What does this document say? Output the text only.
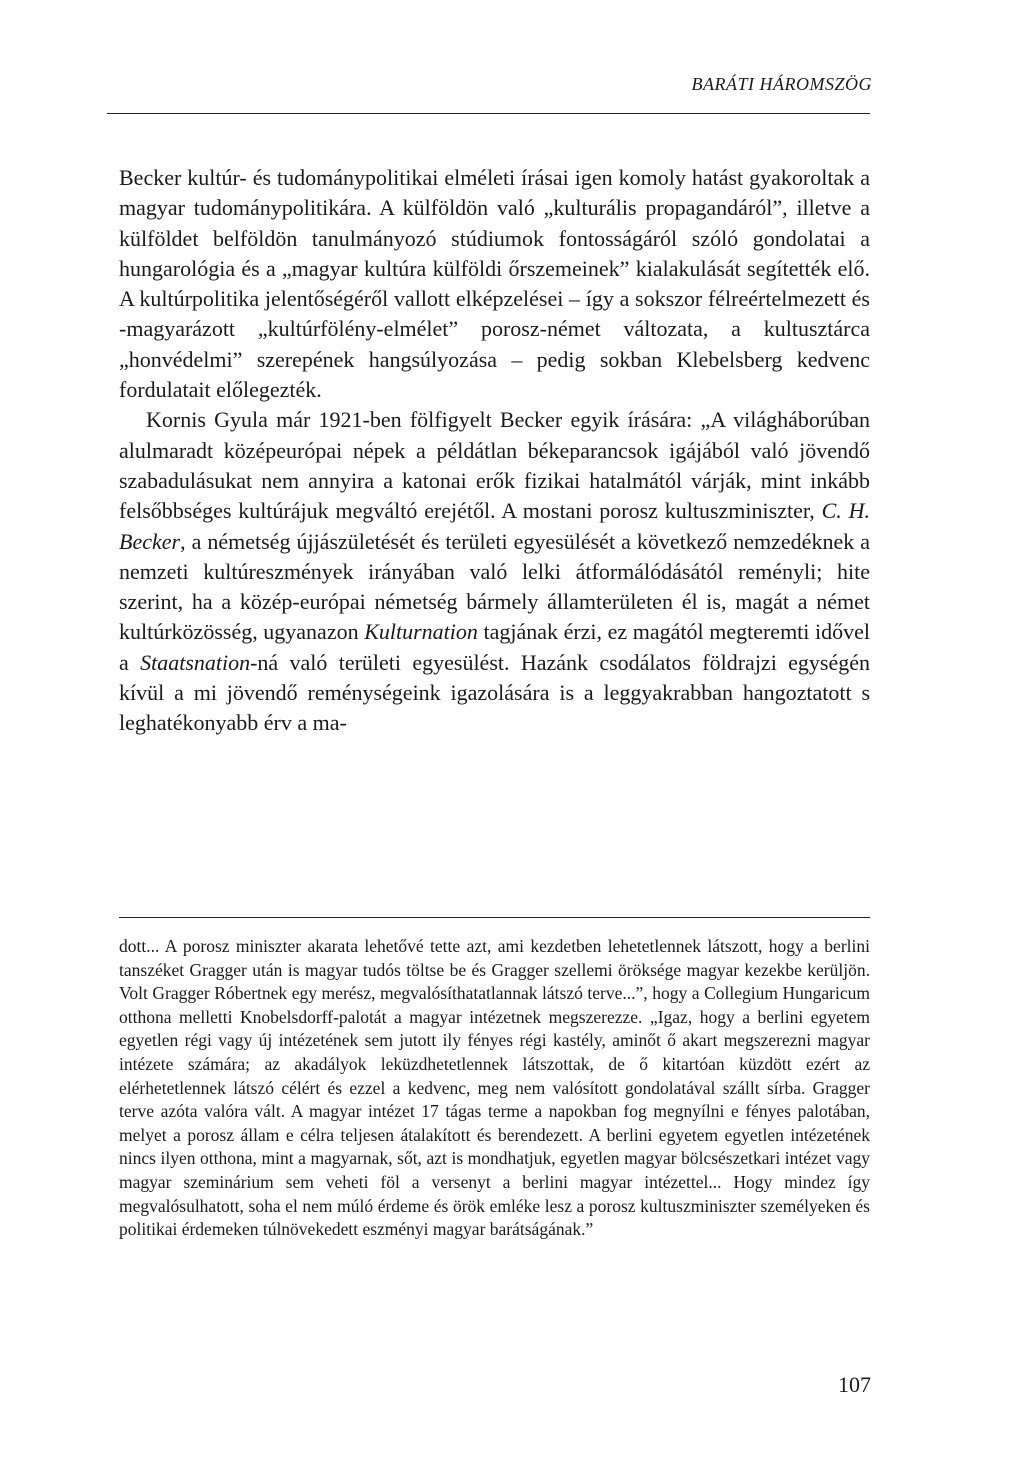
BARÁTI HÁROMSZÖG

Becker kultúr- és tudománypolitikai elméleti írásai igen komoly hatást gyakoroltak a magyar tudománypolitikára. A külföldön való „kulturális propagandáról”, illetve a külföldet belföldön tanulmányozó stúdiumok fontosságáról szóló gondolatai a hungarológia és a „magyar kultúra külföldi őrszemeinek” kialakulását segítették elő. A kultúrpolitika jelentőségéről vallott elképzelései – így a sokszor félreértelmezett és -magyarázott „kultúrfölény-elmélet” porosz-német változata, a kultusztárca „honvédelmi” szerepének hangsúlyozása – pedig sokban Klebelsberg kedvenc fordulatait előlegezték.

Kornis Gyula már 1921-ben fölfigyelt Becker egyik írására: „A világháborúban alulmaradt középeurópai népek a példátlan békeparancsok igájából való jövendő szabadulásukat nem annyira a katonai erők fizikai hatalmától várják, mint inkább felsőbbséges kultúrájuk megváltó erejétől. A mostani porosz kultuszminiszter, C. H. Becker, a németség újjászületését és területi egyesülését a következő nemzedéknek a nemzeti kultúreszmények irányában való lelki átformálódásától reményli; hite szerint, ha a közép-európai németség bármely államterületen él is, magát a német kultúrközösség, ugyanazon Kulturnation tagjának érzi, ez magától megteremti idővel a Staatsnation-ná való területi egyesülést. Hazánk csodálatos földrajzi egységén kívül a mi jövendő reménységeink igazolására is a leggyakrabban hangoztatott s leghatékonyabb érv a ma-

dott... A porosz miniszter akarata lehetővé tette azt, ami kezdetben lehetetlennek látszott, hogy a berlini tanszéket Gragger után is magyar tudós töltse be és Gragger szellemi öröksége magyar kezekbe kerüljön. Volt Gragger Róbertnek egy merész, megvalósíthatatlannak látszó terve...”, hogy a Collegium Hungaricum otthona melletti Knobelsdorff-palotát a magyar intézetnek megszerezze. „Igaz, hogy a berlini egyetem egyetlen régi vagy új intézetének sem jutott ily fényes régi kastély, aminőt ő akart megszerezni magyar intézete számára; az akadályok leküzdhetetlennek látszottak, de ő kitartóan küzdött ezért az elérhetetlennek látszó célért és ezzel a kedvenc, meg nem valósított gondolatával szállt sírba. Gragger terve azóta valóra vált. A magyar intézet 17 tágas terme a napokban fog megnyílni e fényes palotában, melyet a porosz állam e célra teljesen átalakított és berendezett. A berlini egyetem egyetlen intézetének nincs ilyen otthona, mint a magyarnak, sőt, azt is mondhatjuk, egyetlen magyar bölcsészetkari intézet vagy magyar szeminárium sem veheti föl a versenyt a berlini magyar intézettel... Hogy mindez így megvalósulhatott, soha el nem múló érdeme és örök emléke lesz a porosz kultuszminiszter személyeken és politikai érdemeken túlnövekedett eszményi magyar barátságának.”

107
